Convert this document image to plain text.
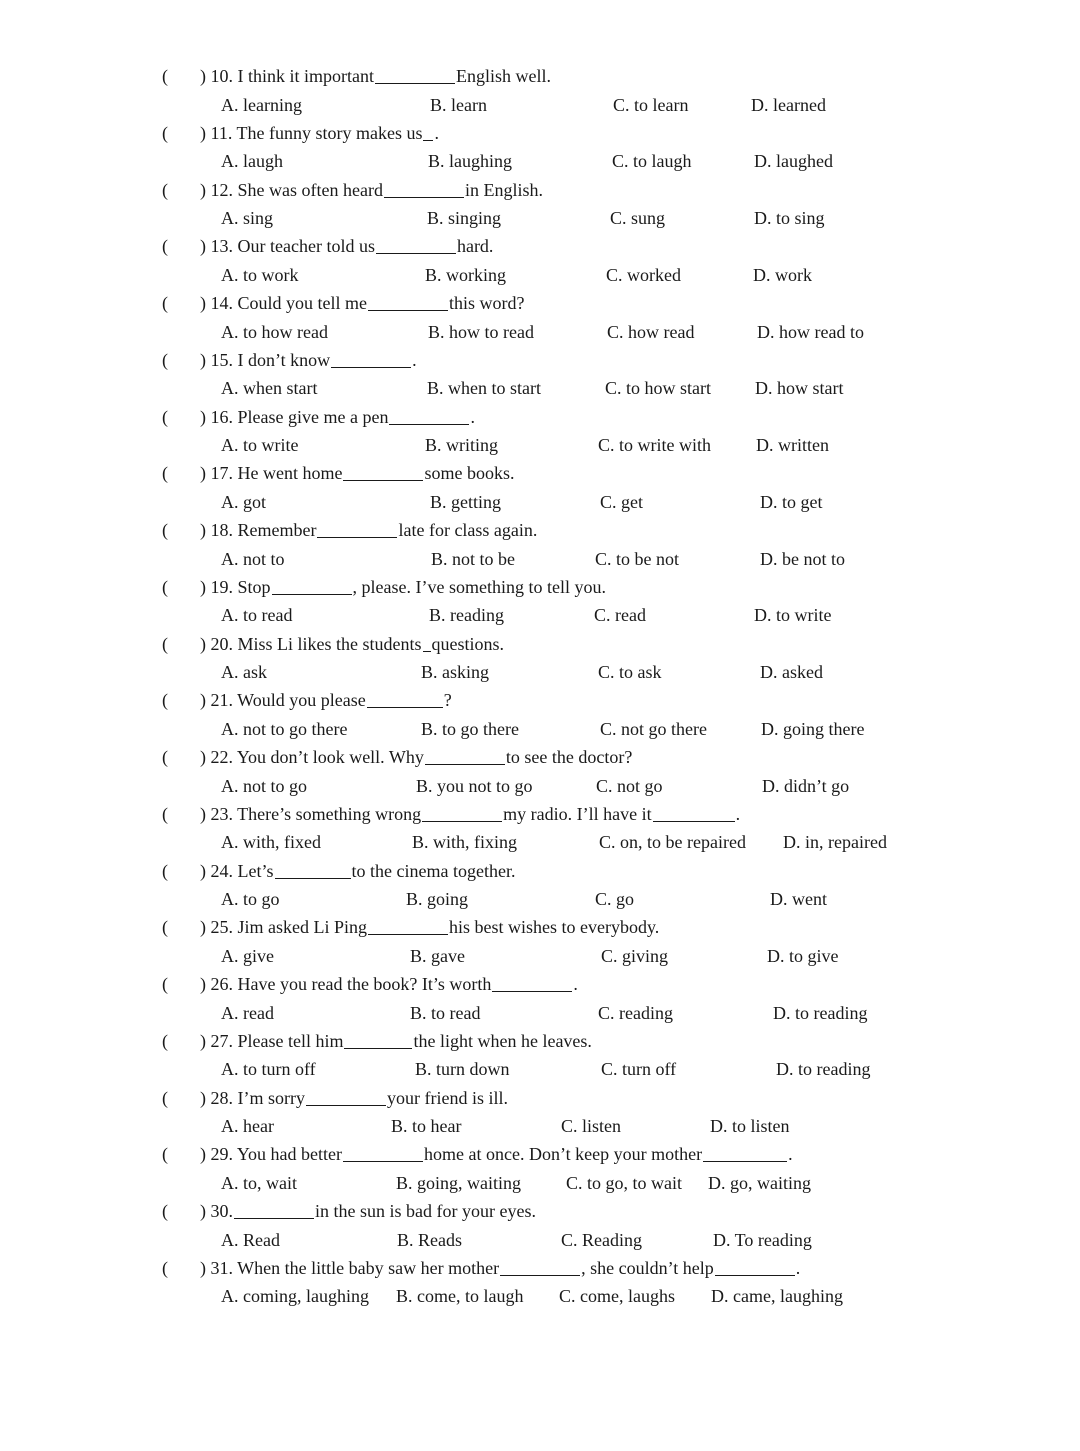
( ) 10. I think it important	English well.
A. learning	B. learn	C. to learn	D. learned
( ) 11. The funny story makes us .
A. laugh	B. laughing	C. to laugh	D. laughed
( ) 12. She was often heard	in English.
A. sing	B. singing	C. sung	D. to sing
( ) 13. Our teacher told us	hard.
A. to work	B. working	C. worked	D. work
( ) 14. Could you tell me	this word?
A. to how read	B. how to read	C. how read	D. how read to
( ) 15. I don’t know	.
A. when start	B. when to start	C. to how start D. how start
( ) 16. Please give me a pen	.
A. to write	B. writing	C. to write with	D. written
( ) 17. He went home	some books.
A. got	B. getting	C. get	D. to get
( ) 18. Remember	late for class again.
A. not to	B. not to be	C. to be not	D. be not to
( ) 19. Stop	, please. I’ve something to tell you.
A. to read	B. reading	C. read	D. to write
( ) 20. Miss Li likes the students questions.
A. ask	B. asking	C. to ask	D. asked
( ) 21. Would you please	?
A. not to go there	B. to go there	C. not go there	D. going there
( ) 22. You don’t look well. Why	to see the doctor?
A. not to go	B. you not to go	C. not go	D. didn’t go
( ) 23. There’s something wrong	my radio. I’ll have it	.
A. with, fixed	B. with, fixing	C. on, to be repaired D. in, repaired
( ) 24. Let’s	to the cinema together.
A. to go	B. going	C. go	D. went
( ) 25. Jim asked Li Ping	his best wishes to everybody.
A. give	B. gave	C. giving	D. to give
( ) 26. Have you read the book? It’s worth	.
A. read	B. to read	C. reading	D. to reading
( ) 27. Please tell him	the light when he leaves.
A. to turn off	B. turn down	C. turn off	D. to reading
( ) 28. I’m sorry	your friend is ill.
A. hear	B. to hear	C. listen	D. to listen
( ) 29. You had better	home at once. Don’t keep your mother	.
A. to, wait	B. going, waiting	C. to go, to wait D. go, waiting
( ) 30.	in the sun is bad for your eyes.
A. Read	B. Reads	C. Reading	D. To reading
( ) 31. When the little baby saw her mother	, she couldn’t help	.
A. coming, laughing B. come, to laugh C. come, laughs D. came, laughing
